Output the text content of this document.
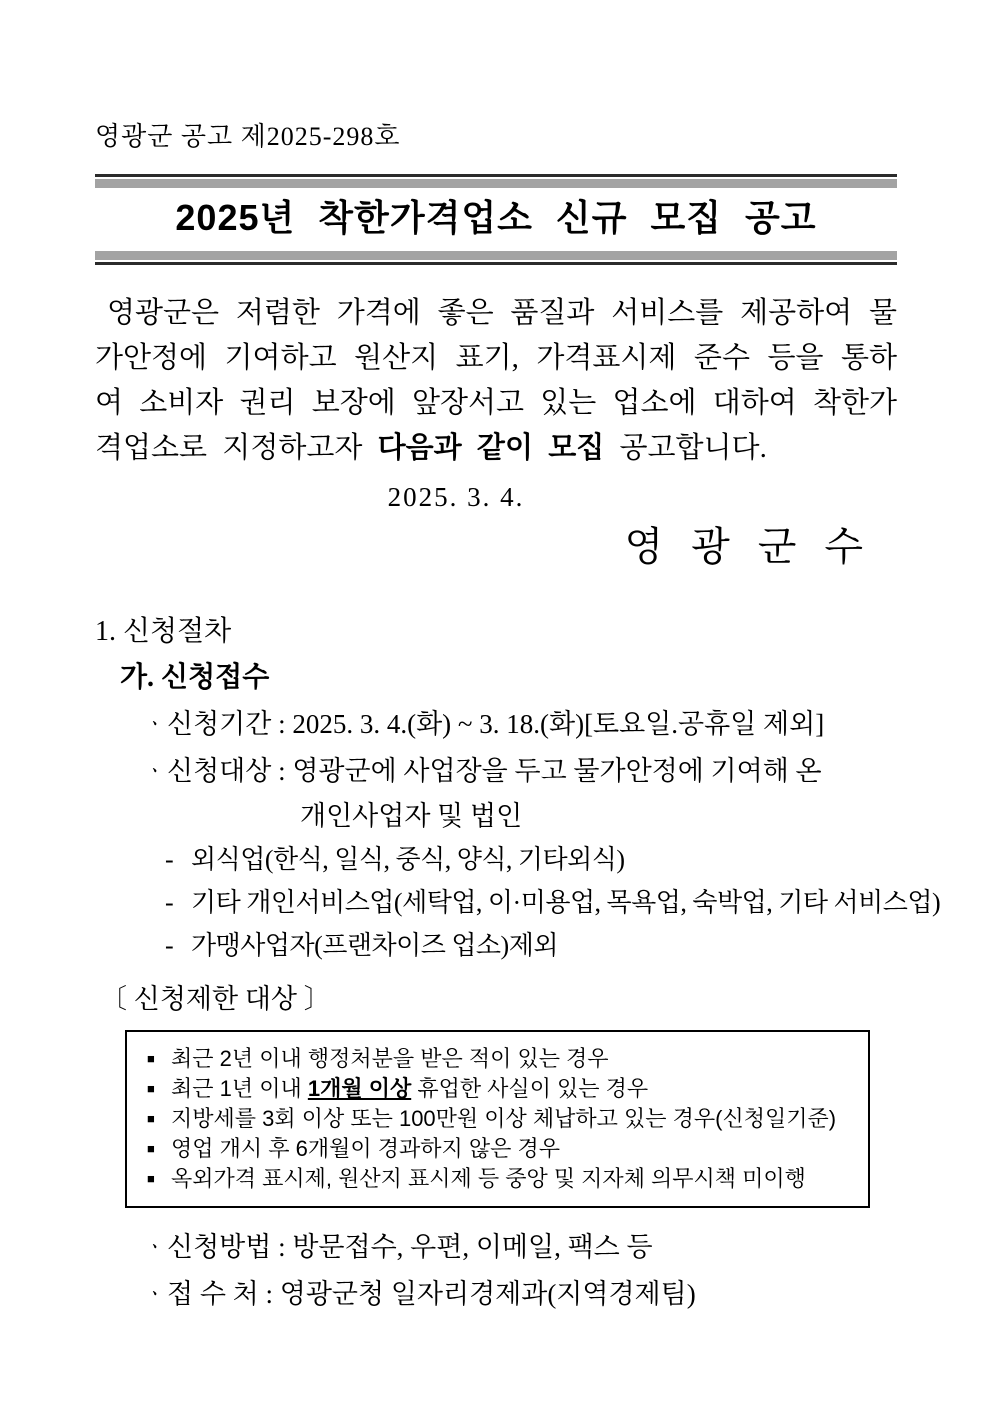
영광군 공고 제2025-298호
2025년 착한가격업소 신규 모집 공고

영광군은 저렴한 가격에 좋은 품질과 서비스를 제공하여 물가안정에 기여하고 원산지 표기, 가격표시제 준수 등을 통하여 소비자 권리 보장에 앞장서고 있는 업소에 대하여 착한가격업소로 지정하고자 다음과 같이 모집 공고합니다.

2025. 3. 4.
영 광 군 수
1. 신청절차
가. 신청접수
ㆍ신청기간 : 2025. 3. 4.(화) ~ 3. 18.(화)[토요일.공휴일 제외]
ㆍ신청대상 : 영광군에 사업장을 두고 물가안정에 기여해 온
개인사업자 및 법인
- 외식업(한식, 일식, 중식, 양식, 기타외식)
- 기타 개인서비스업(세탁업, 이·미용업, 목욕업, 숙박업, 기타 서비스업)
- 가맹사업자(프랜차이즈 업소)제외
〔 신청제한 대상 〕
■ 최근 2년 이내 행정처분을 받은 적이 있는 경우
■ 최근 1년 이내 1개월 이상 휴업한 사실이 있는 경우
■ 지방세를 3회 이상 또는 100만원 이상 체납하고 있는 경우(신청일기준)
■ 영업 개시 후 6개월이 경과하지 않은 경우
■ 옥외가격 표시제, 원산지 표시제 등 중앙 및 지자체 의무시책 미이행
ㆍ신청방법 : 방문접수, 우편, 이메일, 팩스 등
ㆍ접 수 처 : 영광군청 일자리경제과(지역경제팀)
